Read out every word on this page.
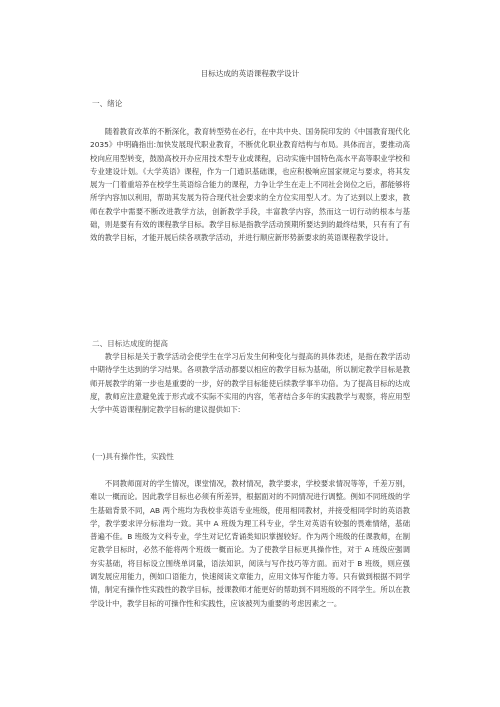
目标达成的英语课程教学设计
一、绪论

随着教育改革的不断深化，教育转型势在必行，在中共中央、国务院印发的《中国教育现代化 2035》中明确指出:加快发展现代职业教育，不断优化职业教育结构与布局。具体而言，要推动高校向应用型转变，鼓励高校开办应用技术型专业或课程，启动实施中国特色高水平高等职业学校和专业建设计划。《大学英语》课程，作为一门通识基础课，也应积极响应国家规定与要求，将其发展为一门着重培养在校学生英语综合能力的课程，力争让学生在走上不同社会岗位之后，都能够将所学内容加以利用，帮助其发展为符合现代社会要求的全方位实用型人才。为了达到以上要求，教师在教学中需要不断改进教学方法，创新教学手段，丰富教学内容，然而这一切行动的根本与基础，则是要有有效的课程教学目标。教学目标是指教学活动预期所要达到的最终结果，只有有了有效的教学目标，才能开展后续各项教学活动，并进行顺应新形势新要求的英语课程教学设计。

二、目标达成度的提高

教学目标是关于教学活动会使学生在学习后发生何种变化与提高的具体表述，是指在教学活动中期待学生达到的学习结果。各项教学活动都要以相应的教学目标为基础，所以制定教学目标是教师开展教学的第一步也是重要的一步，好的教学目标能使后续教学事半功倍。为了提高目标的达成度，教师应注意避免流于形式或不实际不实用的内容，笔者结合多年的实践教学与观察，将应用型大学中英语课程制定教学目标的建议提供如下:

(一)具有操作性，实践性

不同教师面对的学生情况，课堂情况，教材情况，教学要求，学校要求情况等等，千差万别，难以一概而论。因此教学目标也必须有所差异，根据面对的不同情况进行调整。例如不同班级的学生基础背景不同，AB 两个班均为我校非英语专业班级，使用相同教材，并接受相同学时的英语教学，教学要求评分标准均一致。其中 A 班级为理工科专业，学生对英语有较强的畏难情绪，基础普遍不佳。B 班级为文科专业，学生对记忆背诵类知识掌握较好。作为两个班级的任课教师，在制定教学目标时，必然不能将两个班级一概而论。为了使教学目标更具操作性，对于 A 班级应强调夯实基础，将目标设立围绕单词量，语法知识，阅读与写作技巧等方面。而对于 B 班级，则应强调发展应用能力，例如口语能力，快速阅读文章能力，应用文体写作能力等。只有做到根据不同学情，制定有操作性实践性的教学目标，授课教师才能更好的帮助到不同班级的不同学生。所以在教学设计中，教学目标的可操作性和实践性，应该被列为重要的考虑因素之一。
